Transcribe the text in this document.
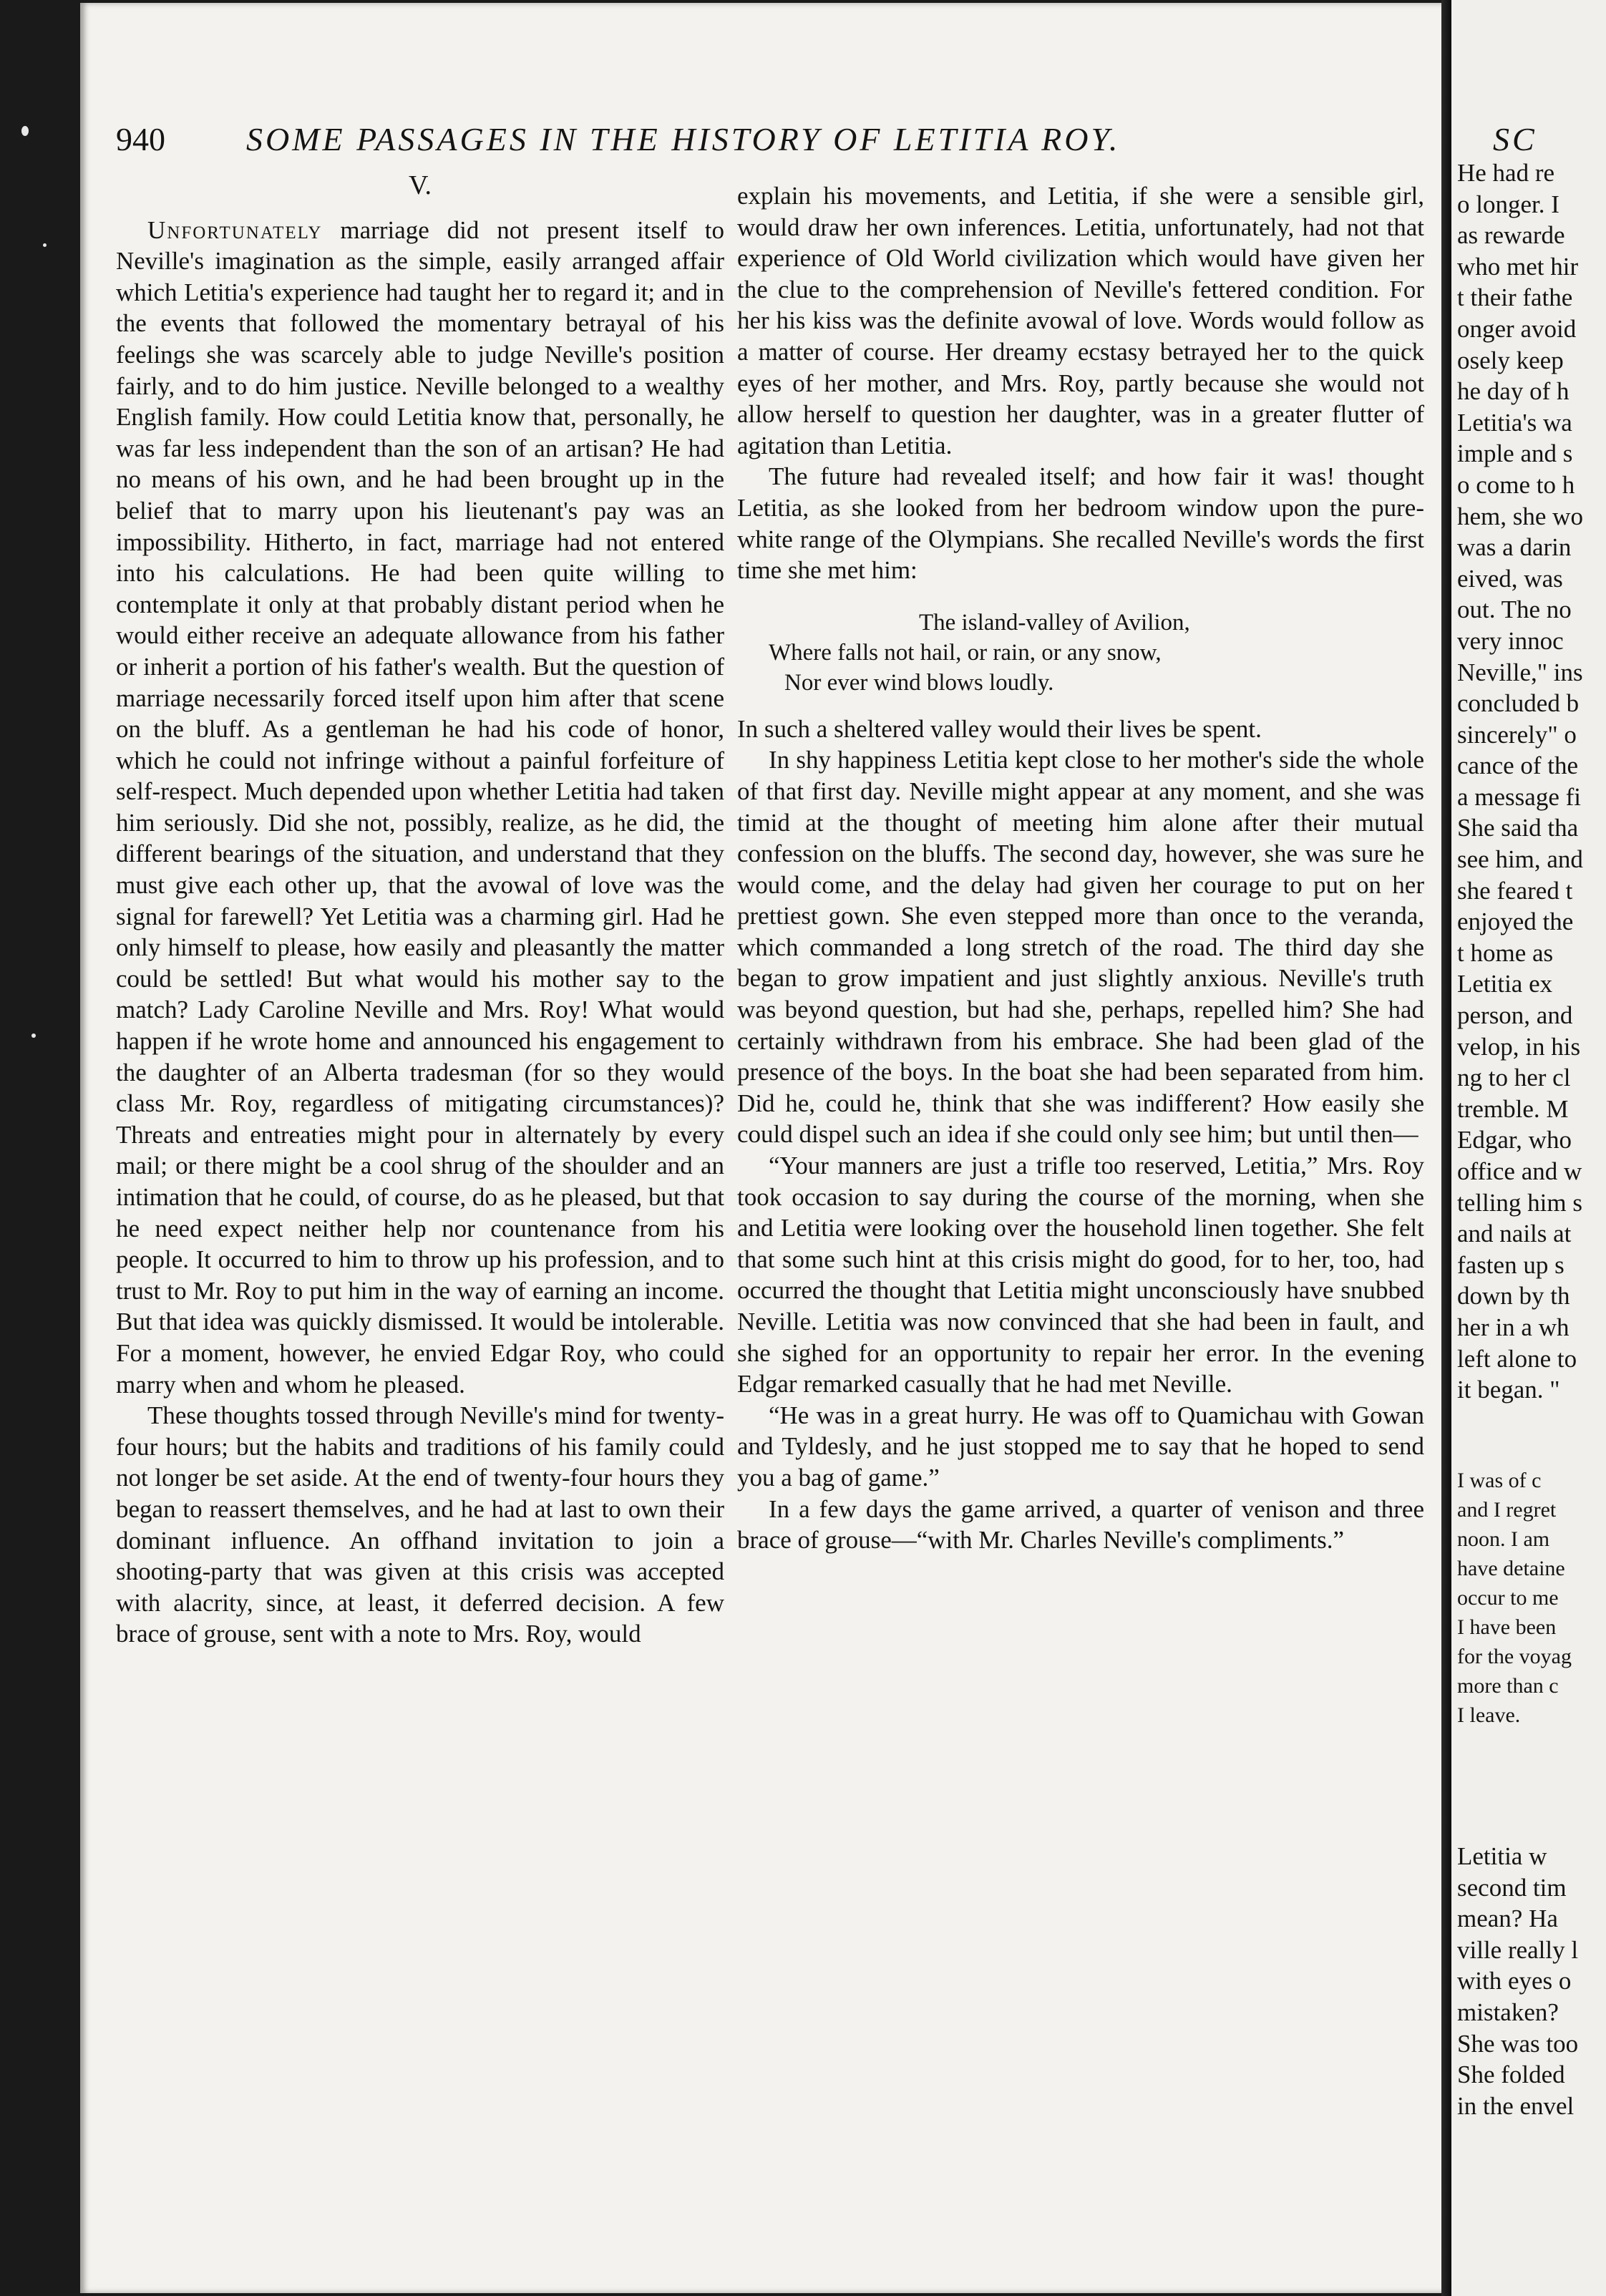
940 SOME PASSAGES IN THE HISTORY OF LETITIA ROY.
V.

Unfortunately marriage did not present itself to Neville's imagination as the simple, easily arranged affair which Letitia's experience had taught her to regard it; and in the events that followed the momentary betrayal of his feelings she was scarcely able to judge Neville's position fairly, and to do him justice. Neville belonged to a wealthy English family. How could Letitia know that, personally, he was far less independent than the son of an artisan? He had no means of his own, and he had been brought up in the belief that to marry upon his lieutenant's pay was an impossibility. Hitherto, in fact, marriage had not entered into his calculations. He had been quite willing to contemplate it only at that probably distant period when he would either receive an adequate allowance from his father or inherit a portion of his father's wealth. But the question of marriage necessarily forced itself upon him after that scene on the bluff. As a gentleman he had his code of honor, which he could not infringe without a painful forfeiture of self-respect. Much depended upon whether Letitia had taken him seriously. Did she not, possibly, realize, as he did, the different bearings of the situation, and understand that they must give each other up, that the avowal of love was the signal for farewell? Yet Letitia was a charming girl. Had he only himself to please, how easily and pleasantly the matter could be settled! But what would his mother say to the match? Lady Caroline Neville and Mrs. Roy! What would happen if he wrote home and announced his engagement to the daughter of an Alberta tradesman (for so they would class Mr. Roy, regardless of mitigating circumstances)? Threats and entreaties might pour in alternately by every mail; or there might be a cool shrug of the shoulder and an intimation that he could, of course, do as he pleased, but that he need expect neither help nor countenance from his people. It occurred to him to throw up his profession, and to trust to Mr. Roy to put him in the way of earning an income. But that idea was quickly dismissed. It would be intolerable. For a moment, however, he envied Edgar Roy, who could marry when and whom he pleased.

These thoughts tossed through Neville's mind for twenty-four hours; but the habits and traditions of his family could not longer be set aside. At the end of twenty-four hours they began to reassert themselves, and he had at last to own their dominant influence. An offhand invitation to join a shooting-party that was given at this crisis was accepted with alacrity, since, at least, it deferred decision. A few brace of grouse, sent with a note to Mrs. Roy, would

explain his movements, and Letitia, if she were a sensible girl, would draw her own inferences. Letitia, unfortunately, had not that experience of Old World civilization which would have given her the clue to the comprehension of Neville's fettered condition. For her his kiss was the definite avowal of love. Words would follow as a matter of course. Her dreamy ecstasy betrayed her to the quick eyes of her mother, and Mrs. Roy, partly because she would not allow herself to question her daughter, was in a greater flutter of agitation than Letitia.

The future had revealed itself; and how fair it was! thought Letitia, as she looked from her bedroom window upon the pure-white range of the Olympians. She recalled Neville's words the first time she met him:

The island-valley of Avilion,
Where falls not hail, or rain, or any snow,
Nor ever wind blows loudly.

In such a sheltered valley would their lives be spent.

In shy happiness Letitia kept close to her mother's side the whole of that first day. Neville might appear at any moment, and she was timid at the thought of meeting him alone after their mutual confession on the bluffs. The second day, however, she was sure he would come, and the delay had given her courage to put on her prettiest gown. She even stepped more than once to the veranda, which commanded a long stretch of the road. The third day she began to grow impatient and just slightly anxious. Neville's truth was beyond question, but had she, perhaps, repelled him? She had certainly withdrawn from his embrace. She had been glad of the presence of the boys. In the boat she had been separated from him. Did he, could he, think that she was indifferent? How easily she could dispel such an idea if she could only see him; but until then—

“Your manners are just a trifle too reserved, Letitia,” Mrs. Roy took occasion to say during the course of the morning, when she and Letitia were looking over the household linen together. She felt that some such hint at this crisis might do good, for to her, too, had occurred the thought that Letitia might unconsciously have snubbed Neville. Letitia was now convinced that she had been in fault, and she sighed for an opportunity to repair her error. In the evening Edgar remarked casually that he had met Neville.

“He was in a great hurry. He was off to Quamichau with Gowan and Tyldesly, and he just stopped me to say that he hoped to send you a bag of game.”

In a few days the game arrived, a quarter of venison and three brace of grouse—“with Mr. Charles Neville's compliments.”

SC
He had re
o longer. I
as rewarde
who met hir
t their fathe
onger avoid
osely keep
he day of h
Letitia's wa
imple and s
o come to h
hem, she wo
was a darin
eived, was
out. The no
very innoc
Neville," ins
concluded b
sincerely" o
cance of the
a message fi
She said tha
see him, and
she feared t
enjoyed the
t home as
Letitia ex
person, and
velop, in his
ng to her cl
tremble. M
Edgar, who
office and w
telling him s
and nails at
fasten up s
down by th
her in a wh
left alone to
it began. "
I was of c
and I regret
noon. I am
have detaine
occur to me
I have been
for the voyag
more than c
I leave.
Letitia w
second tim
mean? Ha
ville really l
with eyes o
mistaken?
She was too
She folded
in the envel
